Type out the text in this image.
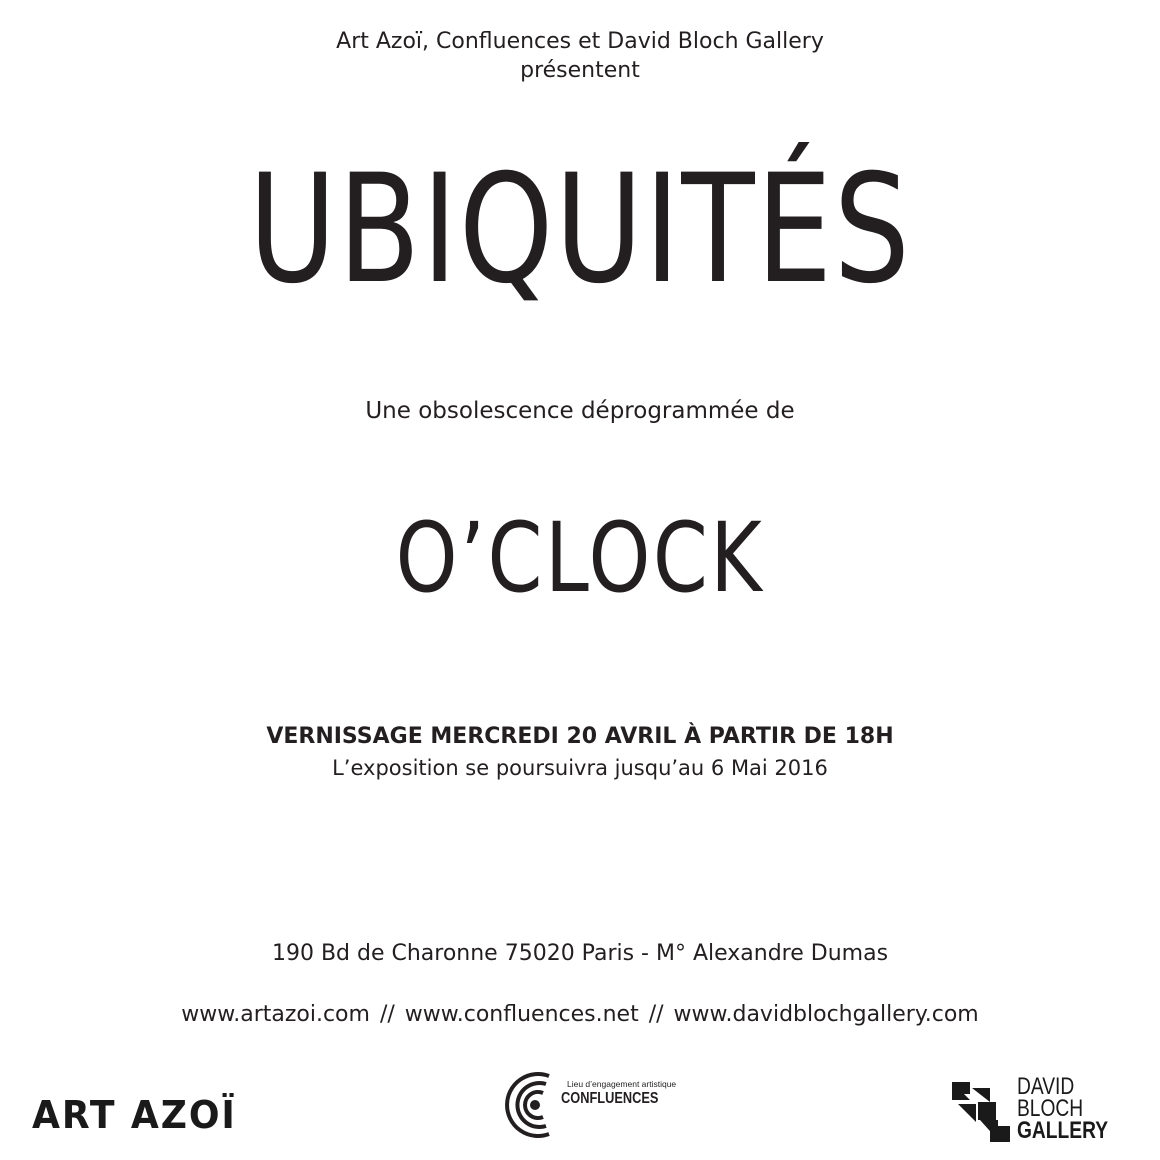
Art Azoï, Confluences et David Bloch Gallery

présentent

UBIQUITÉS

Une obsolescence déprogrammée de

O’CLOCK

VERNISSAGE MERCREDI 20 AVRIL À PARTIR DE 18H

L’exposition se poursuivra jusqu’au 6 Mai 2016

190 Bd de Charonne 75020 Paris - M° Alexandre Dumas

www.artazoi.com // www.confluences.net // www.davidblochgallery.com

ART AZOÏ
Lieu d’engagement artistique
CONFLUENCES	DAVID
BLOCH
GALLERY
